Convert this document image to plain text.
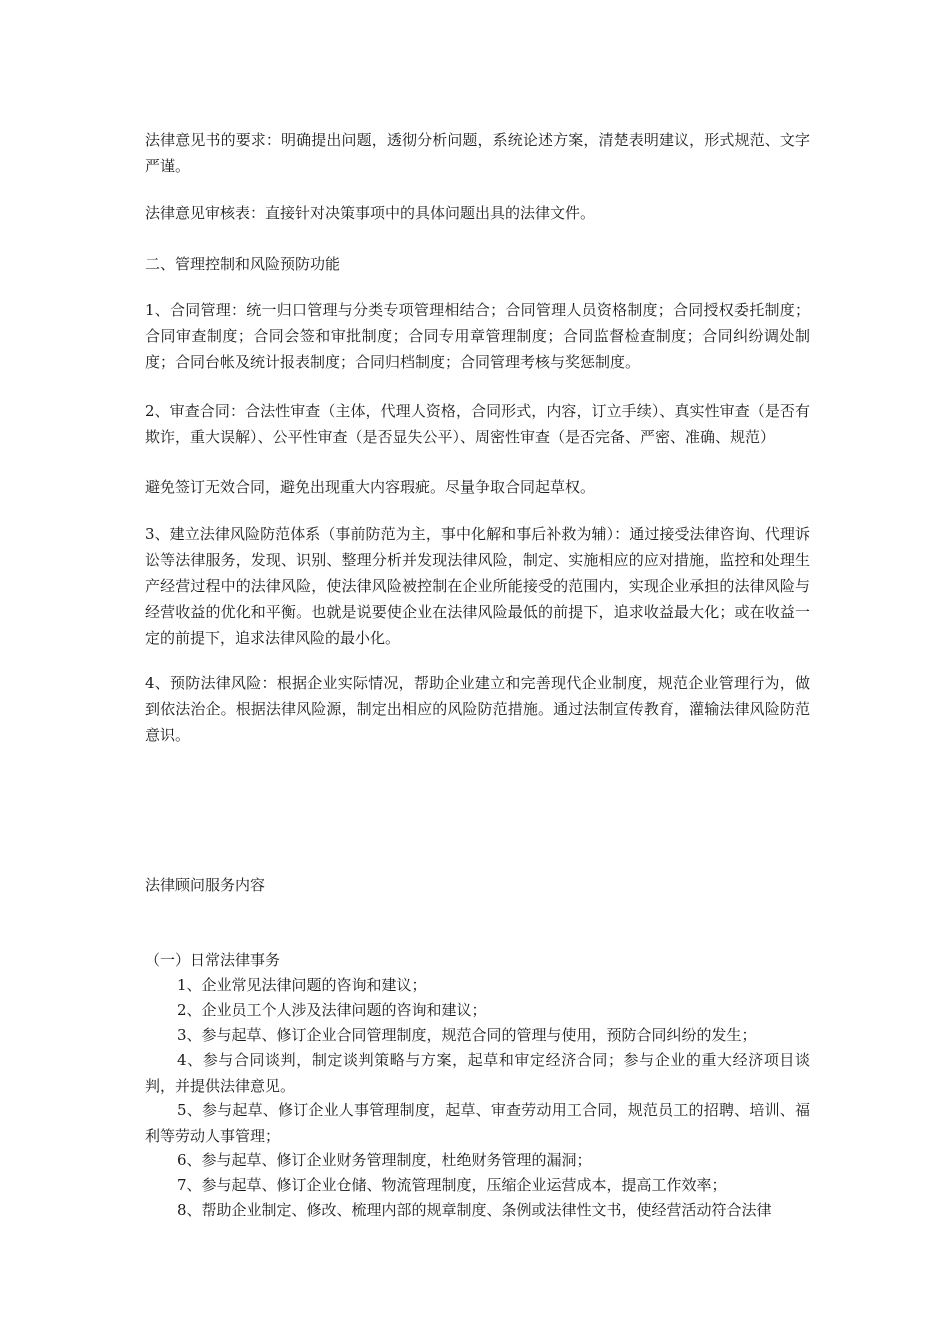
法律意见书的要求：明确提出问题，透彻分析问题，系统论述方案，清楚表明建议，形式规范、文字严谨。

法律意见审核表：直接针对决策事项中的具体问题出具的法律文件。

二、管理控制和风险预防功能

1、合同管理：统一归口管理与分类专项管理相结合；合同管理人员资格制度；合同授权委托制度；合同审查制度；合同会签和审批制度；合同专用章管理制度；合同监督检查制度；合同纠纷调处制度；合同台帐及统计报表制度；合同归档制度；合同管理考核与奖惩制度。

2、审查合同：合法性审查（主体，代理人资格，合同形式，内容，订立手续）、真实性审查（是否有欺诈，重大误解）、公平性审查（是否显失公平）、周密性审查（是否完备、严密、准确、规范）

避免签订无效合同，避免出现重大内容瑕疵。尽量争取合同起草权。

3、建立法律风险防范体系（事前防范为主，事中化解和事后补救为辅）：通过接受法律咨询、代理诉讼等法律服务，发现、识别、整理分析并发现法律风险，制定、实施相应的应对措施，监控和处理生产经营过程中的法律风险，使法律风险被控制在企业所能接受的范围内，实现企业承担的法律风险与经营收益的优化和平衡。也就是说要使企业在法律风险最低的前提下，追求收益最大化；或在收益一定的前提下，追求法律风险的最小化。

4、预防法律风险：根据企业实际情况，帮助企业建立和完善现代企业制度，规范企业管理行为，做到依法治企。根据法律风险源，制定出相应的风险防范措施。通过法制宣传教育，灌输法律风险防范意识。

法律顾问服务内容

（一）日常法律事务

1、企业常见法律问题的咨询和建议；

2、企业员工个人涉及法律问题的咨询和建议；

3、参与起草、修订企业合同管理制度，规范合同的管理与使用，预防合同纠纷的发生；

4、参与合同谈判，制定谈判策略与方案，起草和审定经济合同；参与企业的重大经济项目谈判，并提供法律意见。

5、参与起草、修订企业人事管理制度，起草、审查劳动用工合同，规范员工的招聘、培训、福利等劳动人事管理；

6、参与起草、修订企业财务管理制度，杜绝财务管理的漏洞；

7、参与起草、修订企业仓储、物流管理制度，压缩企业运营成本，提高工作效率；

8、帮助企业制定、修改、梳理内部的规章制度、条例或法律性文书，使经营活动符合法律
